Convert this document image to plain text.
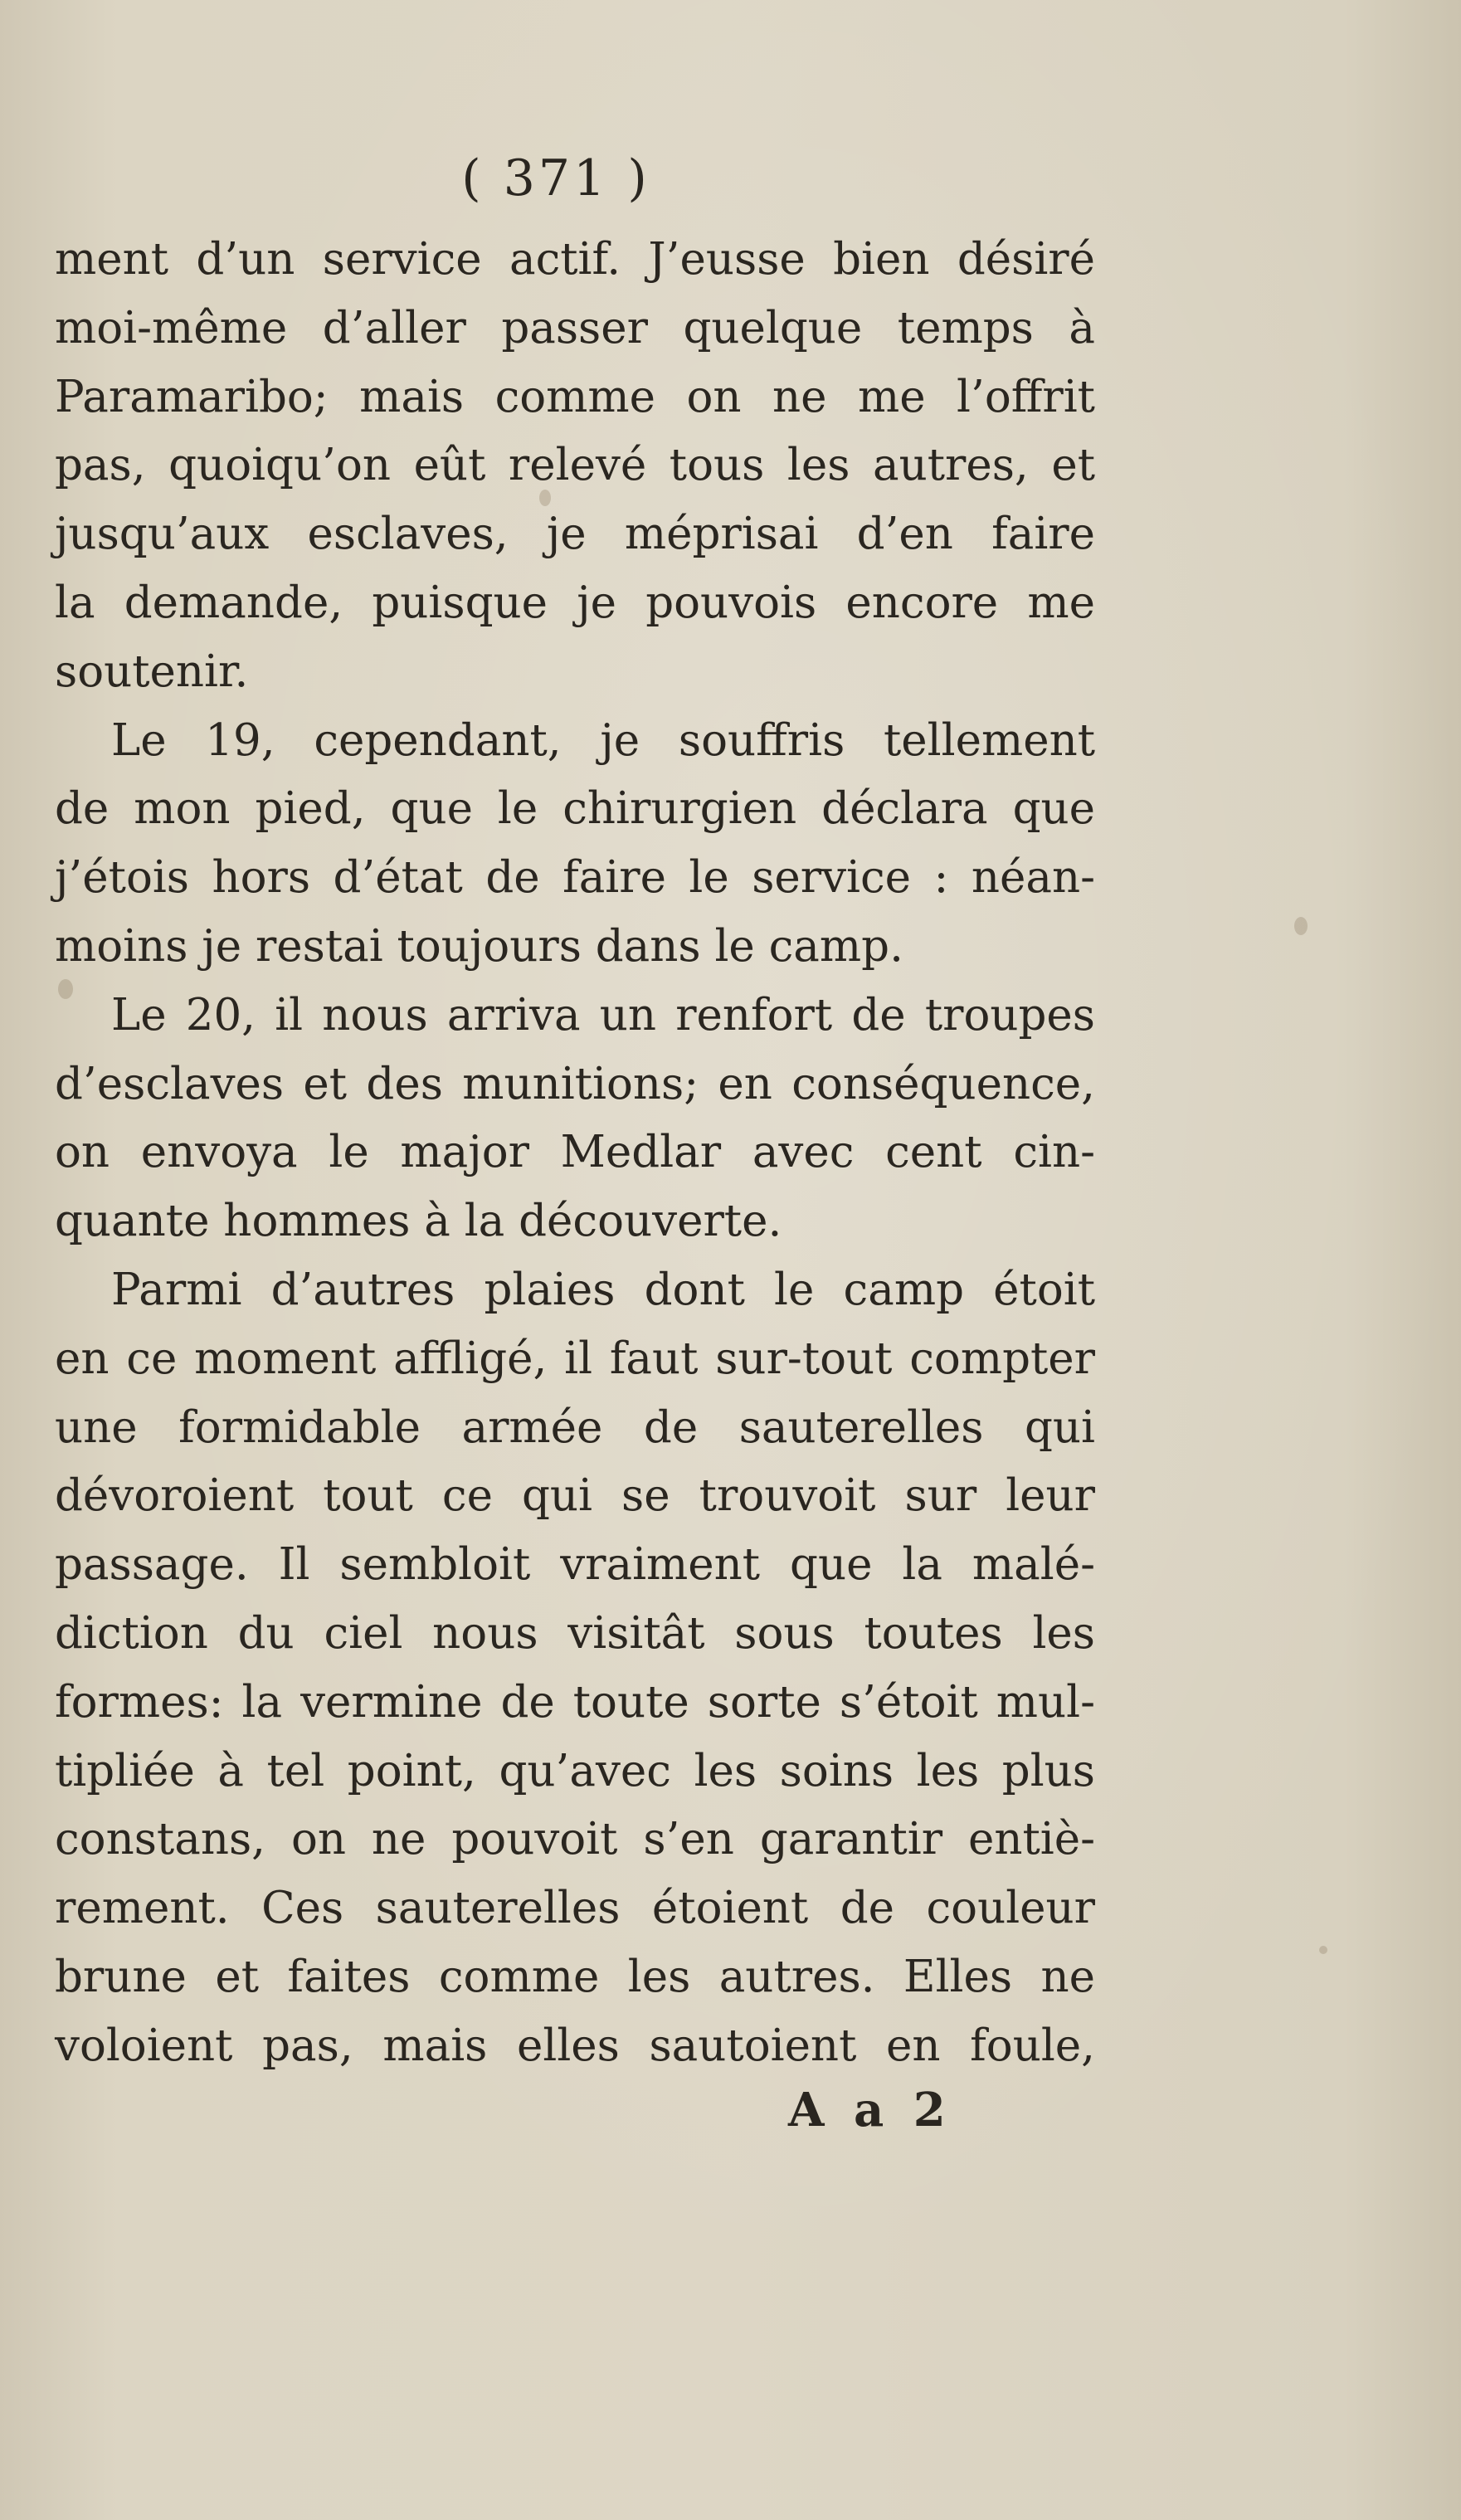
( 371 )
ment d’un service actif. J’eusse bien désiré
moi-même d’aller passer quelque temps à
Paramaribo; mais comme on ne me l’offrit
pas, quoiqu’on eût relevé tous les autres, et
jusqu’aux esclaves, je méprisai d’en faire
la demande, puisque je pouvois encore me
soutenir.
Le 19, cependant, je souffris tellement
de mon pied, que le chirurgien déclara que
j’étois hors d’état de faire le service : néan-
moins je restai toujours dans le camp.
Le 20, il nous arriva un renfort de troupes
d’esclaves et des munitions; en conséquence,
on envoya le major Medlar avec cent cin-
quante hommes à la découverte.
Parmi d’autres plaies dont le camp étoit
en ce moment affligé, il faut sur-tout compter
une formidable armée de sauterelles qui
dévoroient tout ce qui se trouvoit sur leur
passage. Il sembloit vraiment que la malé-
diction du ciel nous visitât sous toutes les
formes: la vermine de toute sorte s’étoit mul-
tipliée à tel point, qu’avec les soins les plus
constans, on ne pouvoit s’en garantir entiè-
rement. Ces sauterelles étoient de couleur
brune et faites comme les autres. Elles ne
voloient pas, mais elles sautoient en foule,
A a 2
